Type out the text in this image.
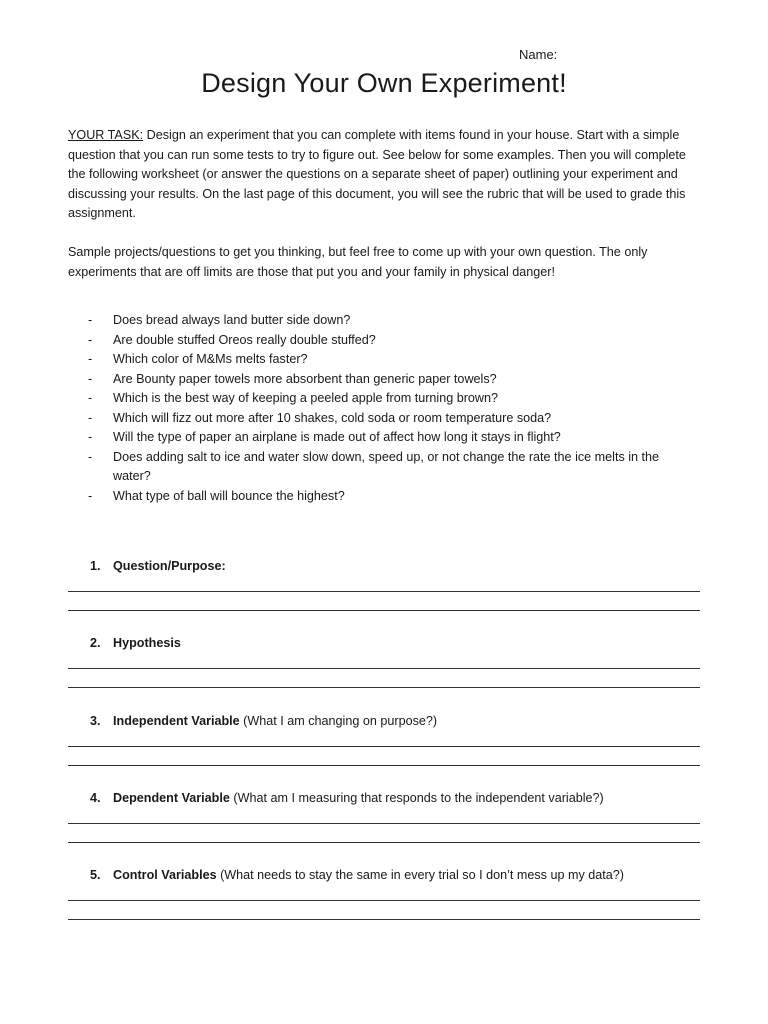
Name:
Design Your Own Experiment!

YOUR TASK: Design an experiment that you can complete with items found in your house. Start with a simple question that you can run some tests to try to figure out. See below for some examples. Then you will complete the following worksheet (or answer the questions on a separate sheet of paper) outlining your experiment and discussing your results. On the last page of this document, you will see the rubric that will be used to grade this assignment.

Sample projects/questions to get you thinking, but feel free to come up with your own question. The only experiments that are off limits are those that put you and your family in physical danger!

- Does bread always land butter side down?
- Are double stuffed Oreos really double stuffed?
- Which color of M&Ms melts faster?
- Are Bounty paper towels more absorbent than generic paper towels?
- Which is the best way of keeping a peeled apple from turning brown?
- Which will fizz out more after 10 shakes, cold soda or room temperature soda?
- Will the type of paper an airplane is made out of affect how long it stays in flight?
- Does adding salt to ice and water slow down, speed up, or not change the rate the ice melts in the water?
- What type of ball will bounce the highest?
1. Question/Purpose:
2. Hypothesis
3. Independent Variable (What I am changing on purpose?)
4. Dependent Variable (What am I measuring that responds to the independent variable?)
5. Control Variables (What needs to stay the same in every trial so I don’t mess up my data?)
